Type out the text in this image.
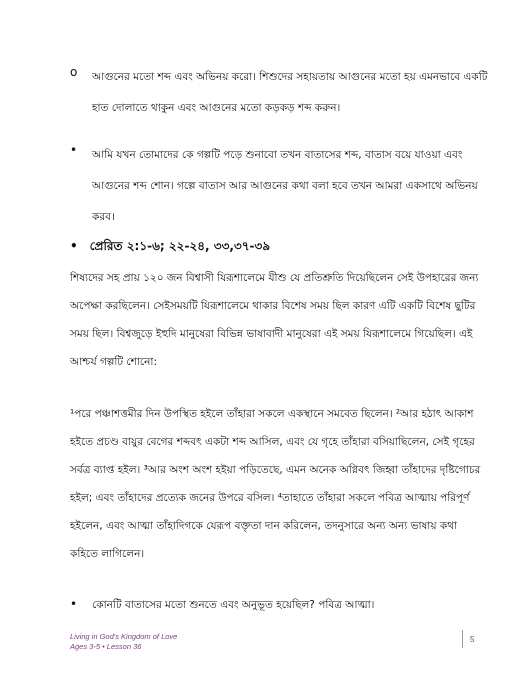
o আগুনের মতো শব্দ এবং অভিনয় করো। শিশুদের সহায়তায় আগুনের মতো হয় এমনভাবে একটি
হাত দোলাতে থাকুন এবং আগুনের মতো কড়কড় শব্দ করুন।
• আমি যখন তোমাদের কে গল্পটি পড়ে শুনাবো তখন বাতাসের শব্দ, বাতাস বয়ে যাওয়া এবং
আগুনের শব্দ শোন। গল্পে বাতাস আর আগুনের কথা বলা হবে তখন আমরা একসাথে অভিনয়
করব।
• প্রেরিত ২:১-৬; ২২-২৪, ৩৩,৩৭-৩৯
শিষ্যদের সহ প্রায় ১২০ জন বিশ্বাসী যিরূশালেমে যীশু যে প্রতিশ্রুতি দিয়েছিলেন সেই উপহারের জন্য
অপেক্ষা করছিলেন। সেইসময়টি যিরূশালেমে থাকার বিশেষ সময় ছিল কারণ এটি একটি বিশেষ ছুটির
সময় ছিল। বিশ্বজুড়ে ইহুদি মানুষেরা বিভিন্ন ভাষাবাদী মানুষেরা এই সময় যিরূশালেমে গিয়েছিল। এই
আশ্চর্য গল্পটি শোনো:
¹পরে পঞ্চাশত্তমীর দিন উপস্থিত হইলে তাঁহারা সকলে একস্থানে সমবেত ছিলেন। ²আর হঠাৎ আকাশ
হইতে প্রচণ্ড বায়ুর বেগের শব্দবৎ একটা শব্দ আসিল, এবং যে গৃহে তাঁহারা বসিয়াছিলেন, সেই গৃহের
সর্বত্র ব্যাপ্ত হইল। ³আর অংশ অংশ হইয়া পড়িতেছে, এমন অনেক অগ্নিবৎ জিহ্বা তাঁহাদের দৃষ্টিগোচর
হইল; এবং তাঁহাদের প্রত্যেক জনের উপরে বসিল। ⁴তাহাতে তাঁহারা সকলে পবিত্র আত্মায় পরিপূর্ণ
হইলেন, এবং আত্মা তাঁহাদিগকে যেরূপ বক্তৃতা দান করিলেন, তদনুসারে অন্য অন্য ভাষায় কথা
কহিতে লাগিলেন।
• কোনটি বাতাসের মতো শুনতে এবং অনুভূত হয়েছিল? পবিত্র আত্মা।
Living in God's Kingdom of Love
Ages 3-5 • Lesson 36
5
